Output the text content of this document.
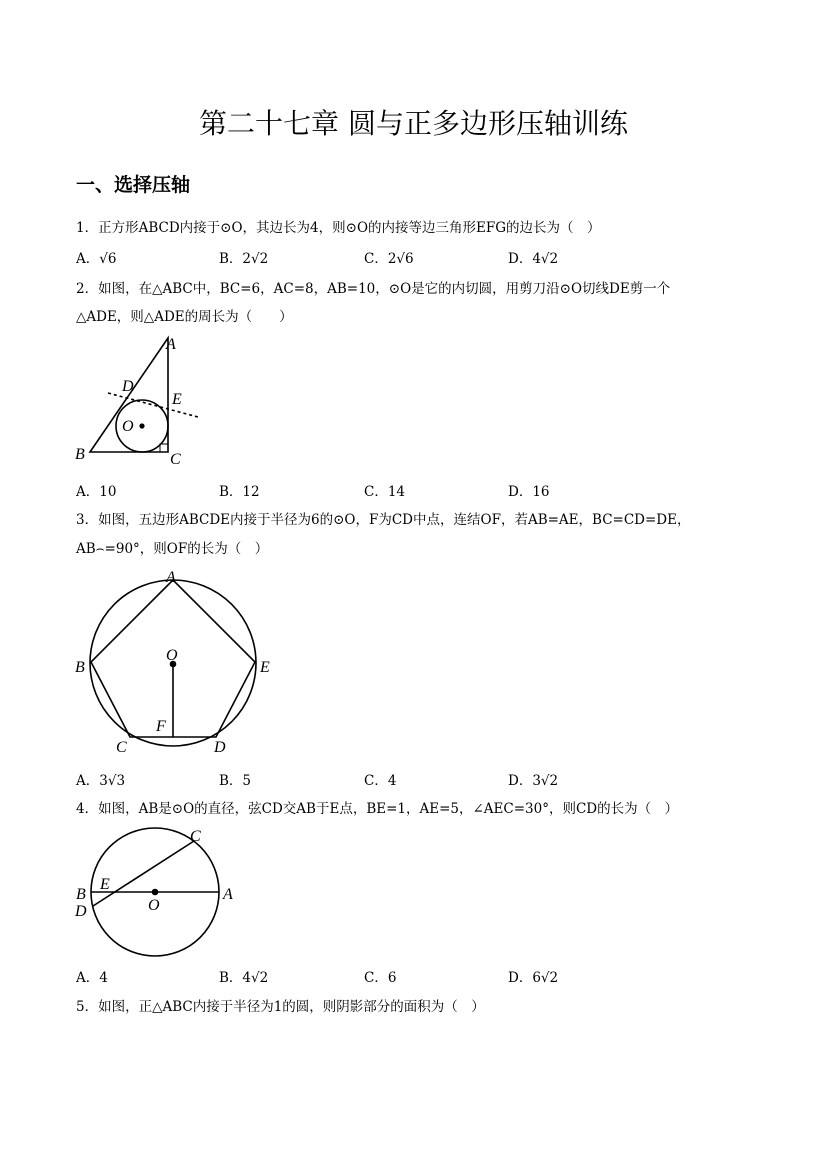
第二十七章 圆与正多边形压轴训练
一、选择压轴
1．正方形ABCD内接于⊙O，其边长为4，则⊙O的内接等边三角形EFG的边长为（　）
A．√6	B．2√2	C．2√6	D．4√2
2．如图，在△ABC中，BC=6，AC=8，AB=10，⊙O是它的内切圆，用剪刀沿⊙O切线DE剪一个
△ADE，则△ADE的周长为（　　）
A
B	C
D
E
O
A
B
C	D
E
O
F
A
B
C
D
E
O
A．10	B．12	C．14	D．16
3．如图，五边形ABCDE内接于半径为6的⊙O，F为CD中点，连结OF，若AB=AE，BC=CD=DE，
AB⌢=90°，则OF的长为（　）
A．3√3	B．5	C．4	D．3√2
4．如图，AB是⊙O的直径，弦CD交AB于E点，BE=1，AE=5，∠AEC=30°，则CD的长为（　）
A．4	B．4√2	C．6	D．6√2
5．如图，正△ABC内接于半径为1的圆，则阴影部分的面积为（　）
